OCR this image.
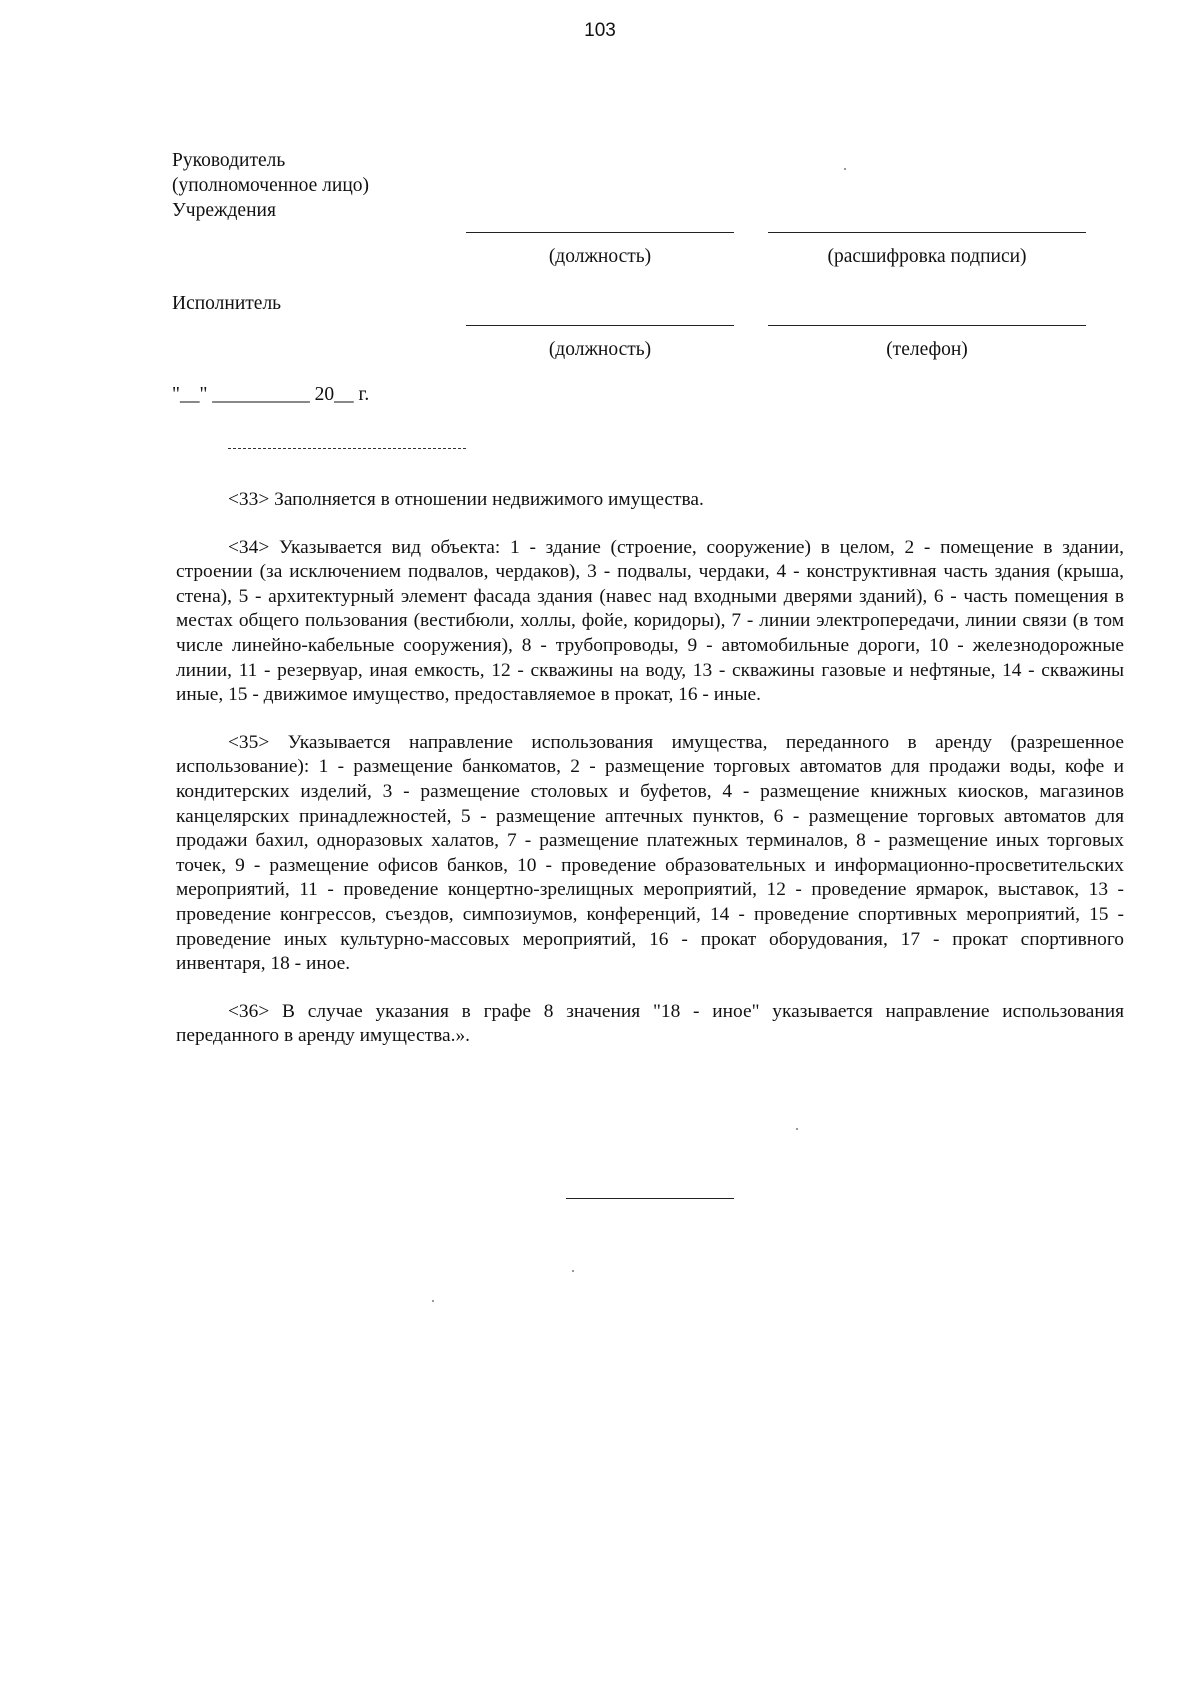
103
Руководитель
(уполномоченное лицо)
Учреждения
(должность)	(расшифровка подписи)
Исполнитель
(должность)	(телефон)
"__" __________ 20__ г.

<33> Заполняется в отношении недвижимого имущества.

<34> Указывается вид объекта: 1 - здание (строение, сооружение) в целом, 2 - помещение в здании, строении (за исключением подвалов, чердаков), 3 - подвалы, чердаки, 4 - конструктивная часть здания (крыша, стена), 5 - архитектурный элемент фасада здания (навес над входными дверями зданий), 6 - часть помещения в местах общего пользования (вестибюли, холлы, фойе, коридоры), 7 - линии электропередачи, линии связи (в том числе линейно-кабельные сооружения), 8 - трубопроводы, 9 - автомобильные дороги, 10 - железнодорожные линии, 11 - резервуар, иная емкость, 12 - скважины на воду, 13 - скважины газовые и нефтяные, 14 - скважины иные, 15 - движимое имущество, предоставляемое в прокат, 16 - иные.

<35> Указывается направление использования имущества, переданного в аренду (разрешенное использование): 1 - размещение банкоматов, 2 - размещение торговых автоматов для продажи воды, кофе и кондитерских изделий, 3 - размещение столовых и буфетов, 4 - размещение книжных киосков, магазинов канцелярских принадлежностей, 5 - размещение аптечных пунктов, 6 - размещение торговых автоматов для продажи бахил, одноразовых халатов, 7 - размещение платежных терминалов, 8 - размещение иных торговых точек, 9 - размещение офисов банков, 10 - проведение образовательных и информационно-просветительских мероприятий, 11 - проведение концертно-зрелищных мероприятий, 12 - проведение ярмарок, выставок, 13 - проведение конгрессов, съездов, симпозиумов, конференций, 14 - проведение спортивных мероприятий, 15 - проведение иных культурно-массовых мероприятий, 16 - прокат оборудования, 17 - прокат спортивного инвентаря, 18 - иное.

<36> В случае указания в графе 8 значения "18 - иное" указывается направление использования переданного в аренду имущества.».
